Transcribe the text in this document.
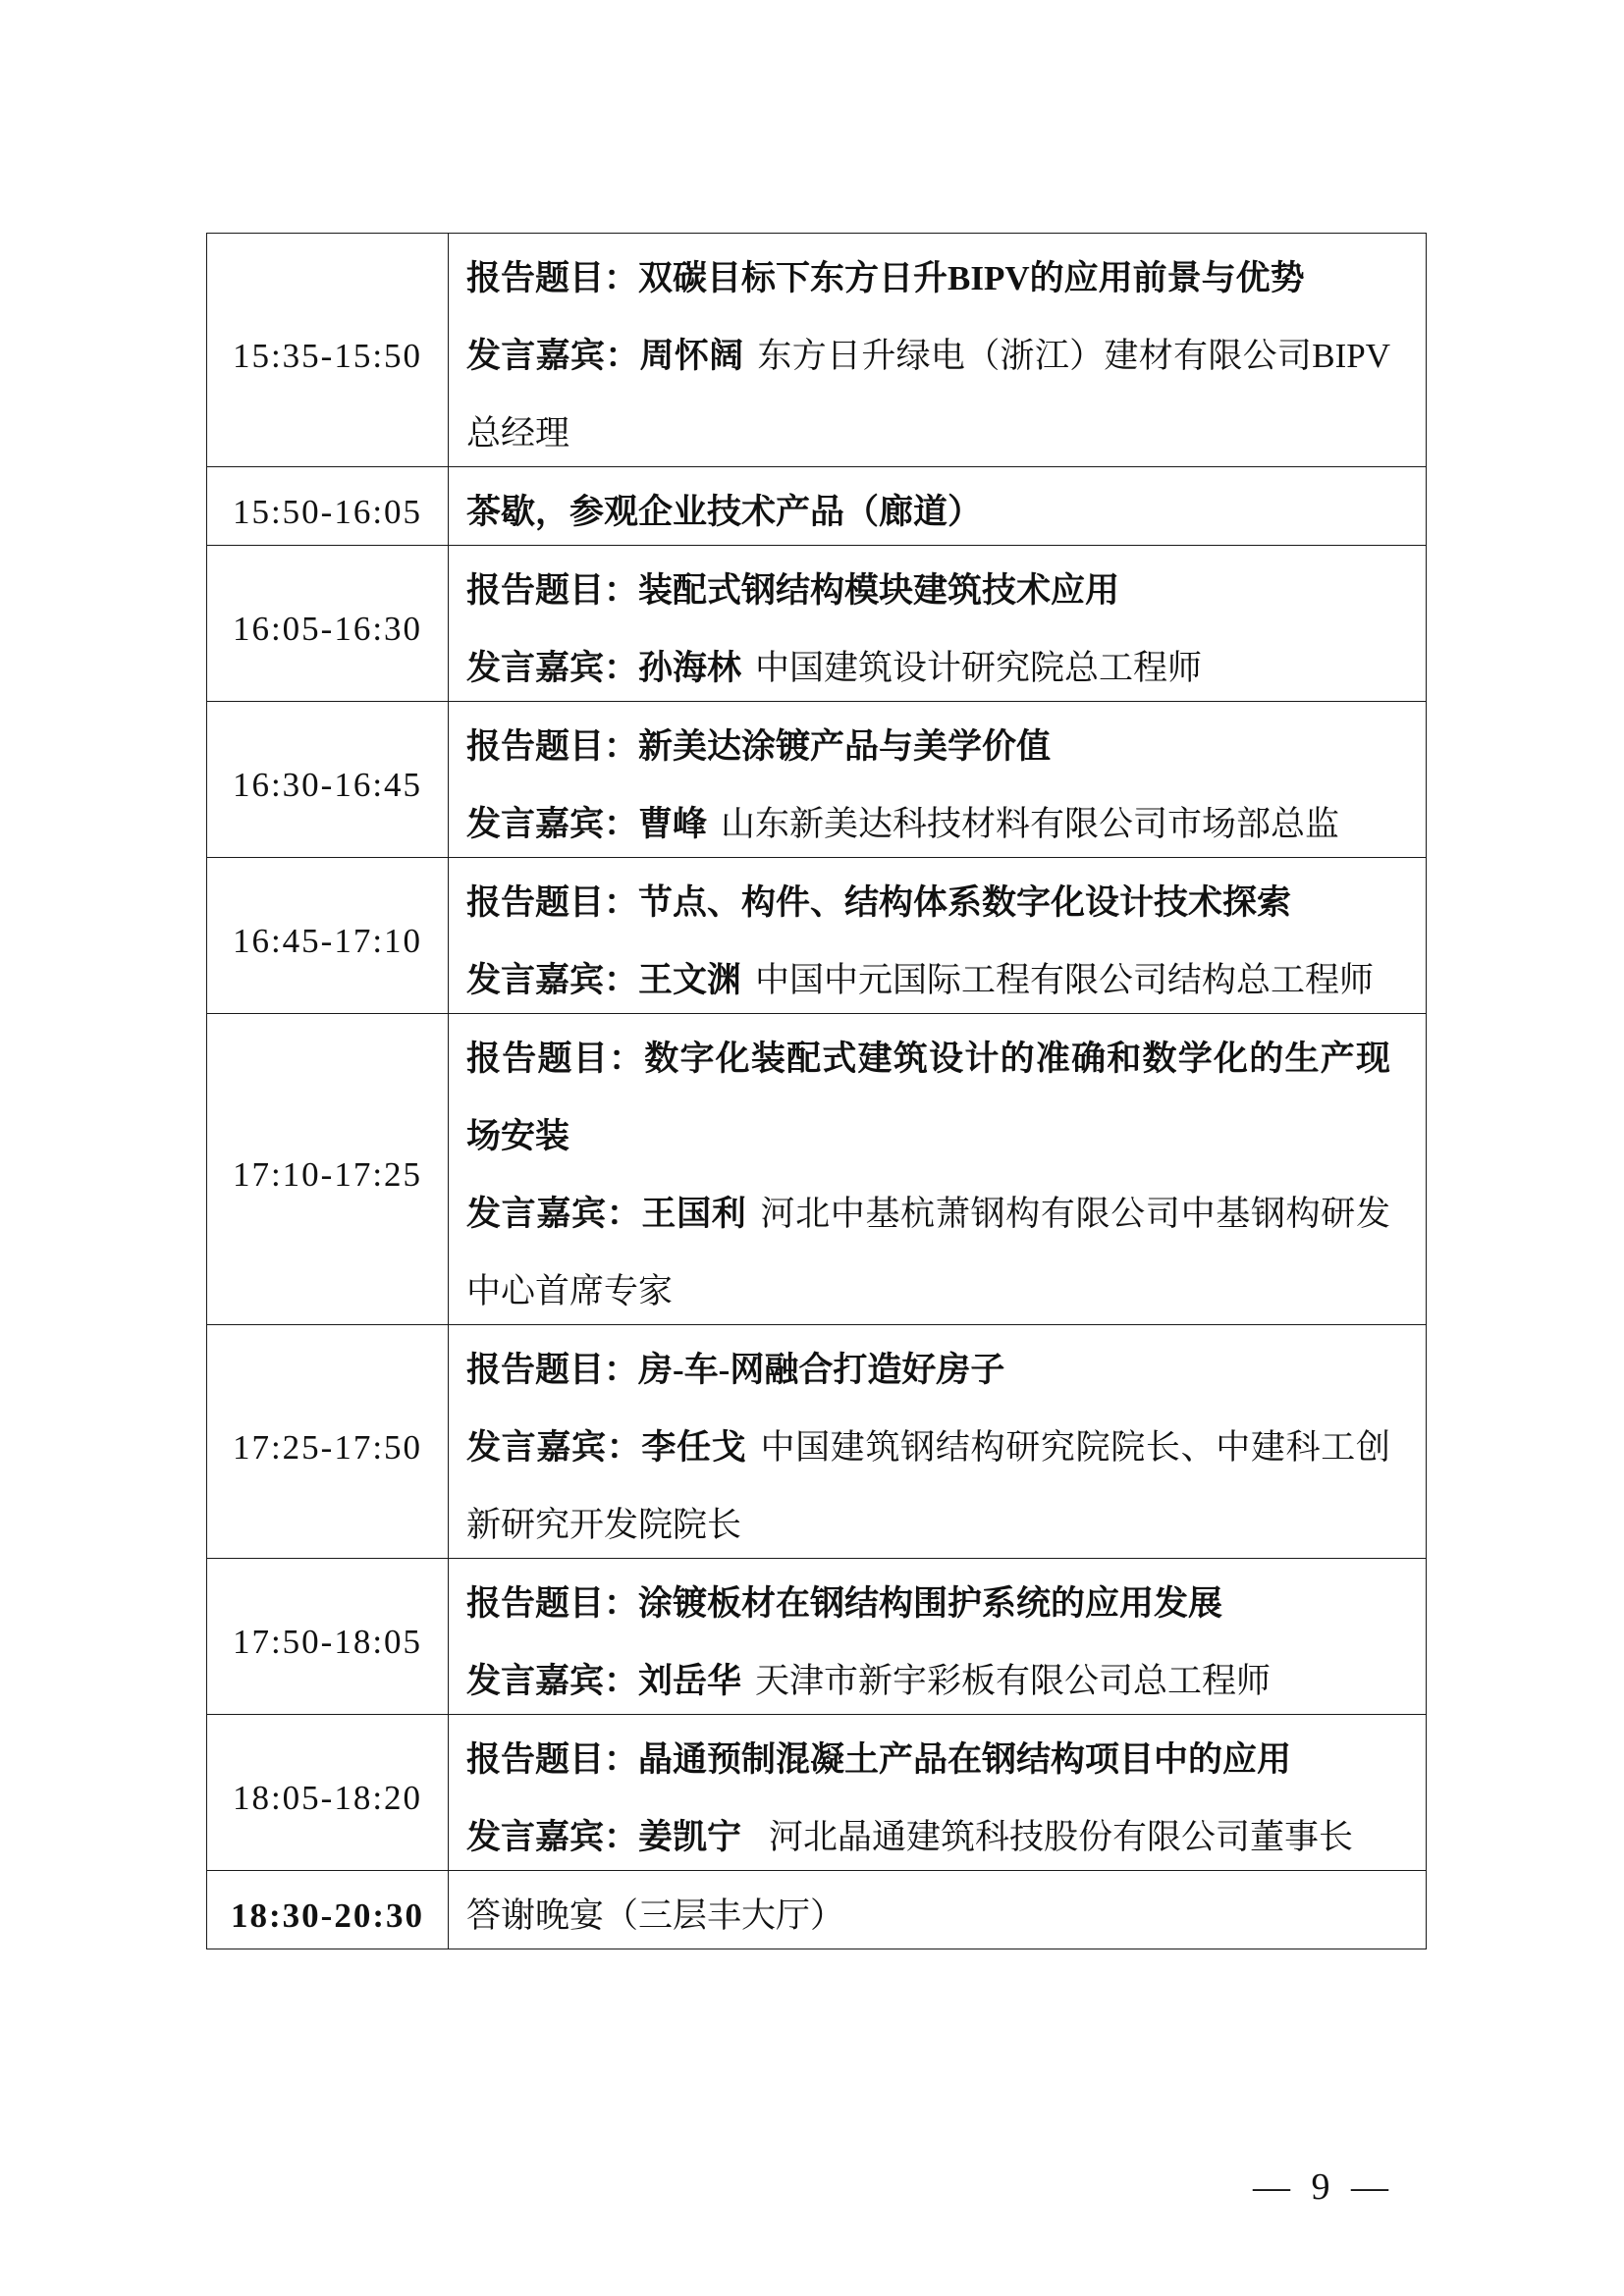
15:35-15:50	报告题目：双碳目标下东方日升BIPV的应用前景与优势
发言嘉宾：周怀阔 东方日升绿电（浙江）建材有限公司BIPV总经理

15:50-16:05	茶歇，参观企业技术产品（廊道）

16:05-16:30	报告题目：装配式钢结构模块建筑技术应用
发言嘉宾：孙海林 中国建筑设计研究院总工程师

16:30-16:45	报告题目：新美达涂镀产品与美学价值
发言嘉宾：曹峰 山东新美达科技材料有限公司市场部总监

16:45-17:10	报告题目：节点、构件、结构体系数字化设计技术探索
发言嘉宾：王文渊 中国中元国际工程有限公司结构总工程师

17:10-17:25	报告题目：数字化装配式建筑设计的准确和数学化的生产现场安装
发言嘉宾：王国利 河北中基杭萧钢构有限公司中基钢构研发中心首席专家

17:25-17:50	报告题目：房-车-网融合打造好房子
发言嘉宾：李任戈 中国建筑钢结构研究院院长、中建科工创新研究开发院院长

17:50-18:05	报告题目：涂镀板材在钢结构围护系统的应用发展
发言嘉宾：刘岳华 天津市新宇彩板有限公司总工程师

18:05-18:20	报告题目：晶通预制混凝土产品在钢结构项目中的应用
发言嘉宾：姜凯宁 河北晶通建筑科技股份有限公司董事长

18:30-20:30	答谢晚宴（三层丰大厅）
— 9 —
